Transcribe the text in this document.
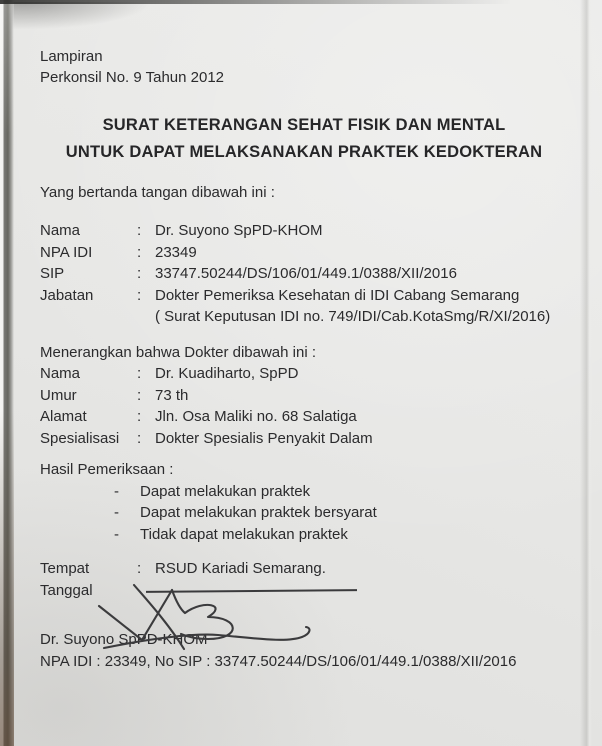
Lampiran
Perkonsil No. 9 Tahun 2012
SURAT KETERANGAN SEHAT FISIK DAN MENTAL
UNTUK DAPAT MELAKSANAKAN PRAKTEK KEDOKTERAN
Yang bertanda tangan dibawah ini :
Nama	: Dr. Suyono SpPD-KHOM
NPA IDI	: 23349
SIP	: 33747.50244/DS/106/01/449.1/0388/XII/2016
Jabatan	: Dokter Pemeriksa Kesehatan di IDI Cabang Semarang
( Surat Keputusan IDI no. 749/IDI/Cab.KotaSmg/R/XI/2016)
Menerangkan bahwa Dokter dibawah ini :
Nama	: Dr. Kuadiharto, SpPD
Umur	: 73 th
Alamat	: Jln. Osa Maliki no. 68 Salatiga
Spesialisasi	: Dokter Spesialis Penyakit Dalam
Hasil Pemeriksaan :
-	Dapat melakukan praktek
-	Dapat melakukan praktek bersyarat
-	Tidak dapat melakukan praktek
Tempat	: RSUD Kariadi Semarang.
Tanggal
Dr. Suyono SpPD-KHOM
NPA IDI : 23349, No SIP : 33747.50244/DS/106/01/449.1/0388/XII/2016
